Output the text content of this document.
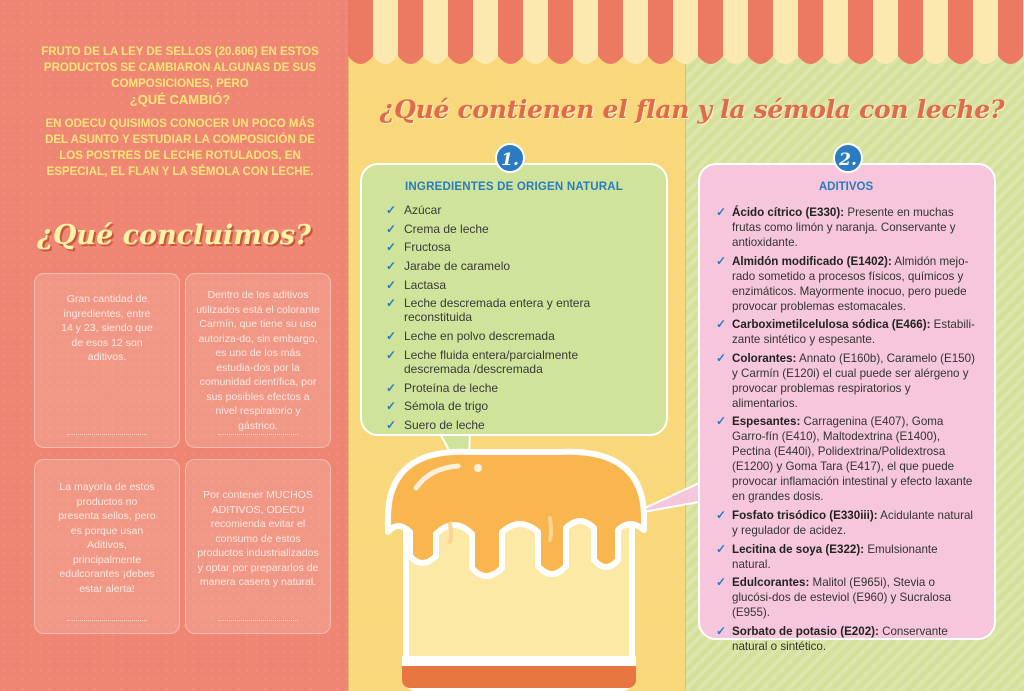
FRUTO DE LA LEY DE SELLOS (20.606) EN ESTOS PRODUCTOS SE CAMBIARON ALGUNAS DE SUS COMPOSICIONES, PERO
¿QUÉ CAMBIÓ?

EN ODECU QUISIMOS CONOCER UN POCO MÁS DEL ASUNTO Y ESTUDIAR LA COMPOSICIÓN DE LOS POSTRES DE LECHE ROTULADOS, EN ESPECIAL, EL FLAN Y LA SÉMOLA CON LECHE.

¿Qué concluimos?
Gran cantidad de ingredientes, entre 14 y 23, siendo que de esos 12 son aditivos.
Dentro de los aditivos utilizados está el colorante Carmín, que tiene su uso autoriza-do, sin embargo, es uno de los más estudia-dos por la comunidad científica, por sus posibles efectos a nivel respiratorio y gástrico.
La mayoría de estos productos no presenta sellos, pero es porque usan Aditivos, principalmente edulcorantes ¡debes estar alerta!
Por contener MUCHOS ADITIVOS, ODECU recomienda evitar el consumo de estos productos industrializados y optar por prepararlos de manera casera y natural.
¿Qué contienen el flan y la sémola con leche?
INGREDIENTES DE ORIGEN NATURAL
✓ Azúcar
✓ Crema de leche
✓ Fructosa
✓ Jarabe de caramelo
✓ Lactasa
✓ Leche descremada entera y entera reconstituida
✓ Leche en polvo descremada
✓ Leche fluida entera/parcialmente descremada /descremada
✓ Proteína de leche
✓ Sémola de trigo
✓ Suero de leche
1.
ADITIVOS
✓ Ácido cítrico (E330): Presente en muchas frutas como limón y naranja. Conservante y antioxidante.
✓ Almidón modificado (E1402): Almidón mejo-rado sometido a procesos físicos, químicos y enzimáticos. Mayormente inocuo, pero puede provocar problemas estomacales.
✓ Carboximetilcelulosa sódica (E466): Estabili-zante sintético y espesante.
✓ Colorantes: Annato (E160b), Caramelo (E150) y Carmín (E120i) el cual puede ser alérgeno y provocar problemas respiratorios y alimentarios.
✓ Espesantes: Carragenina (E407), Goma Garro-fín (E410), Maltodextrina (E1400), Pectina (E440i), Polidextrina/Polidextrosa (E1200) y Goma Tara (E417), el que puede provocar inflamación intestinal y efecto laxante en grandes dosis.
✓ Fosfato trisódico (E330iii): Acidulante natural y regulador de acidez.
✓ Lecitina de soya (E322): Emulsionante natural.
✓ Edulcorantes: Malitol (E965i), Stevia o glucósi-dos de esteviol (E960) y Sucralosa (E955).
✓ Sorbato de potasio (E202): Conservante natural o sintético.
2.
